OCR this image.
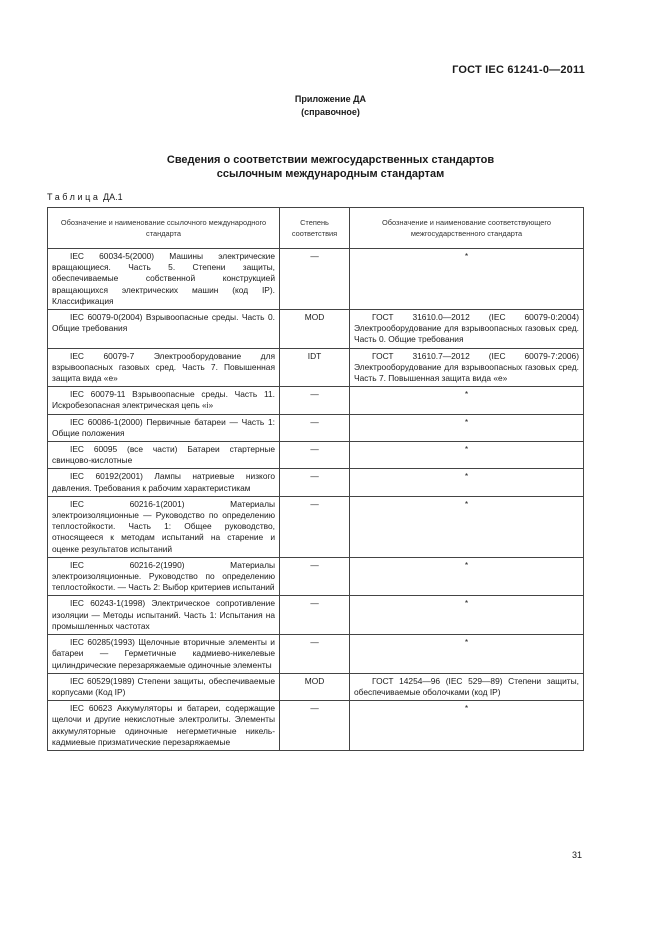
ГОСТ IEC 61241-0—2011
Приложение ДА
(справочное)
Сведения о соответствии межгосударственных стандартов
ссылочным международным стандартам
Таблица ДА.1
Обозначение и наименование ссылочного международного стандарта	Степень соответствия	Обозначение и наименование соответствующего межгосударственного стандарта
IEC 60034-5(2000) Машины электрические вращающиеся. Часть 5. Степени защиты, обеспечиваемые собственной конструкцией вращающихся электрических машин (код IP). Классификация	—	*
IEC 60079-0(2004) Взрывоопасные среды. Часть 0. Общие требования	MOD	ГОСТ 31610.0—2012 (IEC 60079-0:2004) Электрооборудование для взрывоопасных газовых сред. Часть 0. Общие требования
IEC 60079-7 Электрооборудование для взрывоопасных газовых сред. Часть 7. Повышенная защита вида «е»	IDT	ГОСТ 31610.7—2012 (IEC 60079-7:2006) Электрооборудование для взрывоопасных газовых сред. Часть 7. Повышенная защита вида «е»
IEC 60079-11 Взрывоопасные среды. Часть 11. Искробезопасная электрическая цепь «i»	—	*
IEC 60086-1(2000) Первичные батареи — Часть 1: Общие положения	—	*
IEC 60095 (все части) Батареи стартерные свинцово-кислотные	—	*
IEC 60192(2001) Лампы натриевые низкого давления. Требования к рабочим характеристикам	—	*
IEC 60216-1(2001) Материалы электроизоляционные — Руководство по определению теплостойкости. Часть 1: Общее руководство, относящееся к методам испытаний на старение и оценке результатов испытаний	—	*
IEC 60216-2(1990) Материалы электроизоляционные. Руководство по определению теплостойкости. — Часть 2: Выбор критериев испытаний	—	*
IEC 60243-1(1998) Электрическое сопротивление изоляции — Методы испытаний. Часть 1: Испытания на промышленных частотах	—	*
IEC 60285(1993) Щелочные вторичные элементы и батареи — Герметичные кадмиево-никелевые цилиндрические перезаряжаемые одиночные элементы	—	*
IEC 60529(1989) Степени защиты, обеспечиваемые корпусами (Код IP)	MOD	ГОСТ 14254—96 (IEC 529—89) Степени защиты, обеспечиваемые оболочками (код IP)
IEC 60623 Аккумуляторы и батареи, содержащие щелочи и другие некислотные электролиты. Элементы аккумуляторные одиночные негерметичные никель-кадмиевые призматические перезаряжаемые	—	*
31
